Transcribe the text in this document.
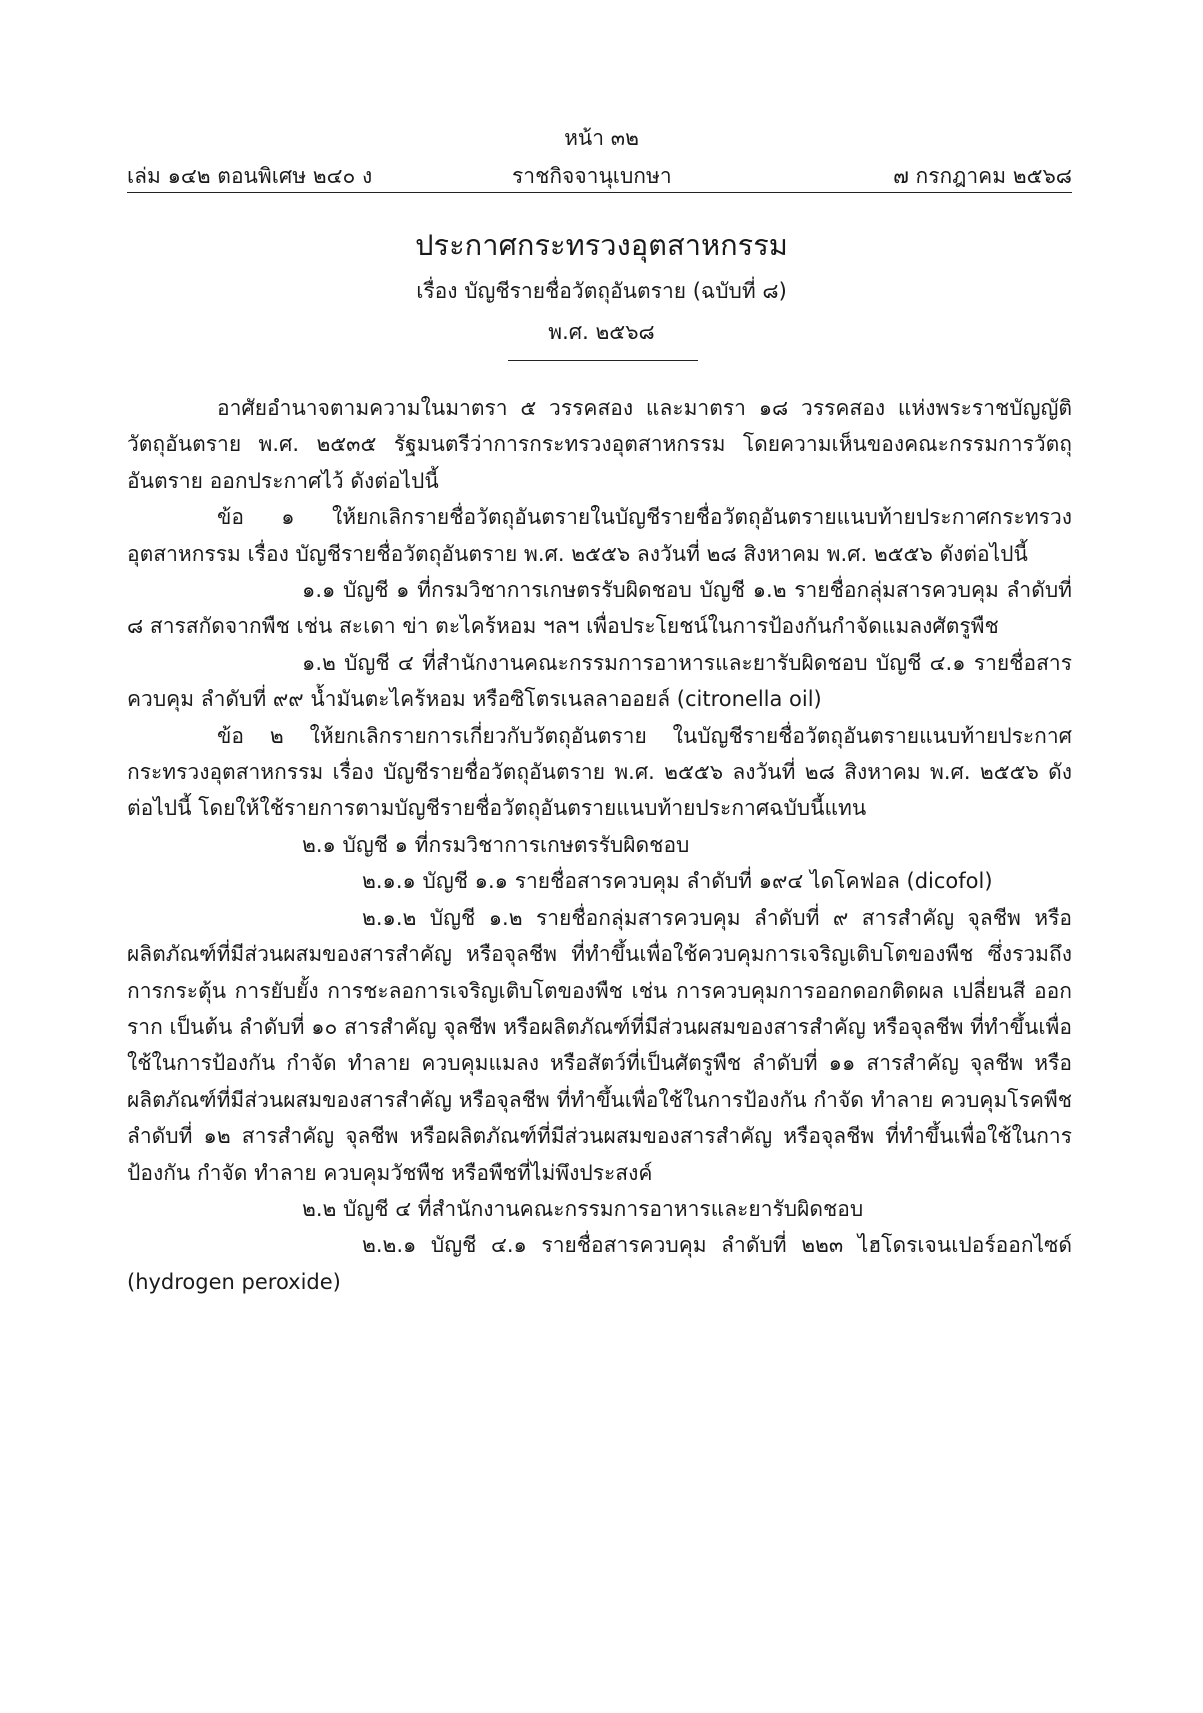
หน้า ๓๒
เล่ม ๑๔๒ ตอนพิเศษ ๒๔๐ ง	ราชกิจจานุเบกษา	๗ กรกฎาคม ๒๕๖๘
ประกาศกระทรวงอุตสาหกรรม
เรื่อง บัญชีรายชื่อวัตถุอันตราย (ฉบับที่ ๘)
พ.ศ. ๒๕๖๘

อาศัยอำนาจตามความในมาตรา ๕ วรรคสอง และมาตรา ๑๘ วรรคสอง แห่งพระราชบัญญัติวัตถุอันตราย พ.ศ. ๒๕๓๕ รัฐมนตรีว่าการกระทรวงอุตสาหกรรม โดยความเห็นของคณะกรรมการวัตถุอันตราย ออกประกาศไว้ ดังต่อไปนี้

ข้อ ๑ ให้ยกเลิกรายชื่อวัตถุอันตรายในบัญชีรายชื่อวัตถุอันตรายแนบท้ายประกาศกระทรวงอุตสาหกรรม เรื่อง บัญชีรายชื่อวัตถุอันตราย พ.ศ. ๒๕๕๖ ลงวันที่ ๒๘ สิงหาคม พ.ศ. ๒๕๕๖ ดังต่อไปนี้

๑.๑ บัญชี ๑ ที่กรมวิชาการเกษตรรับผิดชอบ บัญชี ๑.๒ รายชื่อกลุ่มสารควบคุม ลำดับที่ ๘ สารสกัดจากพืช เช่น สะเดา ข่า ตะไคร้หอม ฯลฯ เพื่อประโยชน์ในการป้องกันกำจัดแมลงศัตรูพืช

๑.๒ บัญชี ๔ ที่สำนักงานคณะกรรมการอาหารและยารับผิดชอบ บัญชี ๔.๑ รายชื่อสารควบคุม ลำดับที่ ๙๙ น้ำมันตะไคร้หอม หรือซิโตรเนลลาออยล์ (citronella oil)

ข้อ ๒ ให้ยกเลิกรายการเกี่ยวกับวัตถุอันตราย ในบัญชีรายชื่อวัตถุอันตรายแนบท้ายประกาศกระทรวงอุตสาหกรรม เรื่อง บัญชีรายชื่อวัตถุอันตราย พ.ศ. ๒๕๕๖ ลงวันที่ ๒๘ สิงหาคม พ.ศ. ๒๕๕๖ ดังต่อไปนี้ โดยให้ใช้รายการตามบัญชีรายชื่อวัตถุอันตรายแนบท้ายประกาศฉบับนี้แทน

๒.๑ บัญชี ๑ ที่กรมวิชาการเกษตรรับผิดชอบ

๒.๑.๑ บัญชี ๑.๑ รายชื่อสารควบคุม ลำดับที่ ๑๙๔ ไดโคฟอล (dicofol)

๒.๑.๒ บัญชี ๑.๒ รายชื่อกลุ่มสารควบคุม ลำดับที่ ๙ สารสำคัญ จุลชีพ หรือผลิตภัณฑ์ที่มีส่วนผสมของสารสำคัญ หรือจุลชีพ ที่ทำขึ้นเพื่อใช้ควบคุมการเจริญเติบโตของพืช ซึ่งรวมถึงการกระตุ้น การยับยั้ง การชะลอการเจริญเติบโตของพืช เช่น การควบคุมการออกดอกติดผล เปลี่ยนสี ออกราก เป็นต้น ลำดับที่ ๑๐ สารสำคัญ จุลชีพ หรือผลิตภัณฑ์ที่มีส่วนผสมของสารสำคัญ หรือจุลชีพ ที่ทำขึ้นเพื่อใช้ในการป้องกัน กำจัด ทำลาย ควบคุมแมลง หรือสัตว์ที่เป็นศัตรูพืช ลำดับที่ ๑๑ สารสำคัญ จุลชีพ หรือผลิตภัณฑ์ที่มีส่วนผสมของสารสำคัญ หรือจุลชีพ ที่ทำขึ้นเพื่อใช้ในการป้องกัน กำจัด ทำลาย ควบคุมโรคพืช ลำดับที่ ๑๒ สารสำคัญ จุลชีพ หรือผลิตภัณฑ์ที่มีส่วนผสมของสารสำคัญ หรือจุลชีพ ที่ทำขึ้นเพื่อใช้ในการป้องกัน กำจัด ทำลาย ควบคุมวัชพืช หรือพืชที่ไม่พึงประสงค์

๒.๒ บัญชี ๔ ที่สำนักงานคณะกรรมการอาหารและยารับผิดชอบ

๒.๒.๑ บัญชี ๔.๑ รายชื่อสารควบคุม ลำดับที่ ๒๒๓ ไฮโดรเจนเปอร์ออกไซด์ (hydrogen peroxide)
